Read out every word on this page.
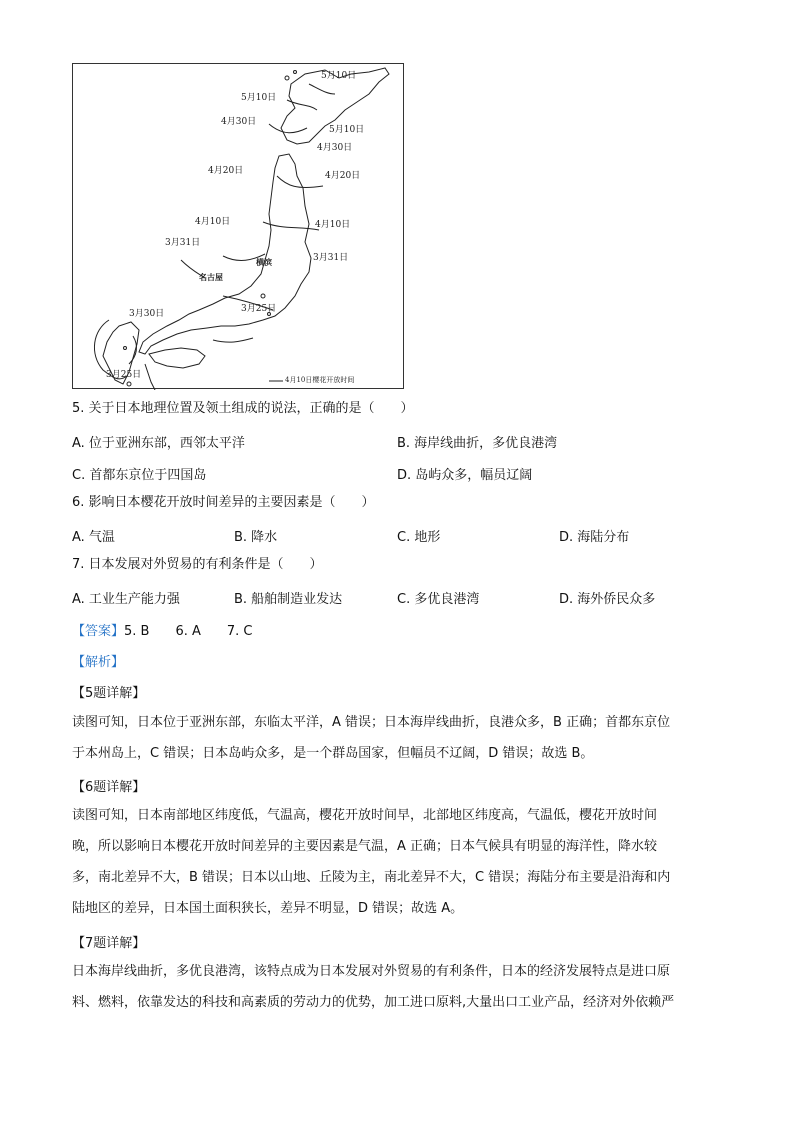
5月10日
5月10日
4月30日
5月10日
4月30日
4月20日	4月20日
4月10日	4月10日
3月31日
3月31日
3月25日
3月30日
3月25日
名古屋
横滨
4月10日樱花开放时间
5. 关于日本地理位置及领土组成的说法，正确的是（　　）
A. 位于亚洲东部，西邻太平洋	B. 海岸线曲折，多优良港湾
C. 首都东京位于四国岛	D. 岛屿众多，幅员辽阔
6. 影响日本樱花开放时间差异的主要因素是（　　）
A. 气温	B. 降水	C. 地形	D. 海陆分布
7. 日本发展对外贸易的有利条件是（　　）
A. 工业生产能力强	B. 船舶制造业发达	C. 多优良港湾	D. 海外侨民众多
【答案】5. B　　6. A　　7. C
【解析】
【5题详解】
读图可知，日本位于亚洲东部，东临太平洋，A 错误；日本海岸线曲折，良港众多，B 正确；首都东京位
于本州岛上，C 错误；日本岛屿众多，是一个群岛国家，但幅员不辽阔，D 错误；故选 B。
【6题详解】
读图可知，日本南部地区纬度低，气温高，樱花开放时间早，北部地区纬度高，气温低，樱花开放时间
晚，所以影响日本樱花开放时间差异的主要因素是气温，A 正确；日本气候具有明显的海洋性，降水较
多，南北差异不大，B 错误；日本以山地、丘陵为主，南北差异不大，C 错误；海陆分布主要是沿海和内
陆地区的差异，日本国土面积狭长，差异不明显，D 错误；故选 A。
【7题详解】
日本海岸线曲折，多优良港湾，该特点成为日本发展对外贸易的有利条件，日本的经济发展特点是进口原
料、燃料，依靠发达的科技和高素质的劳动力的优势，加工进口原料,大量出口工业产品，经济对外依赖严
